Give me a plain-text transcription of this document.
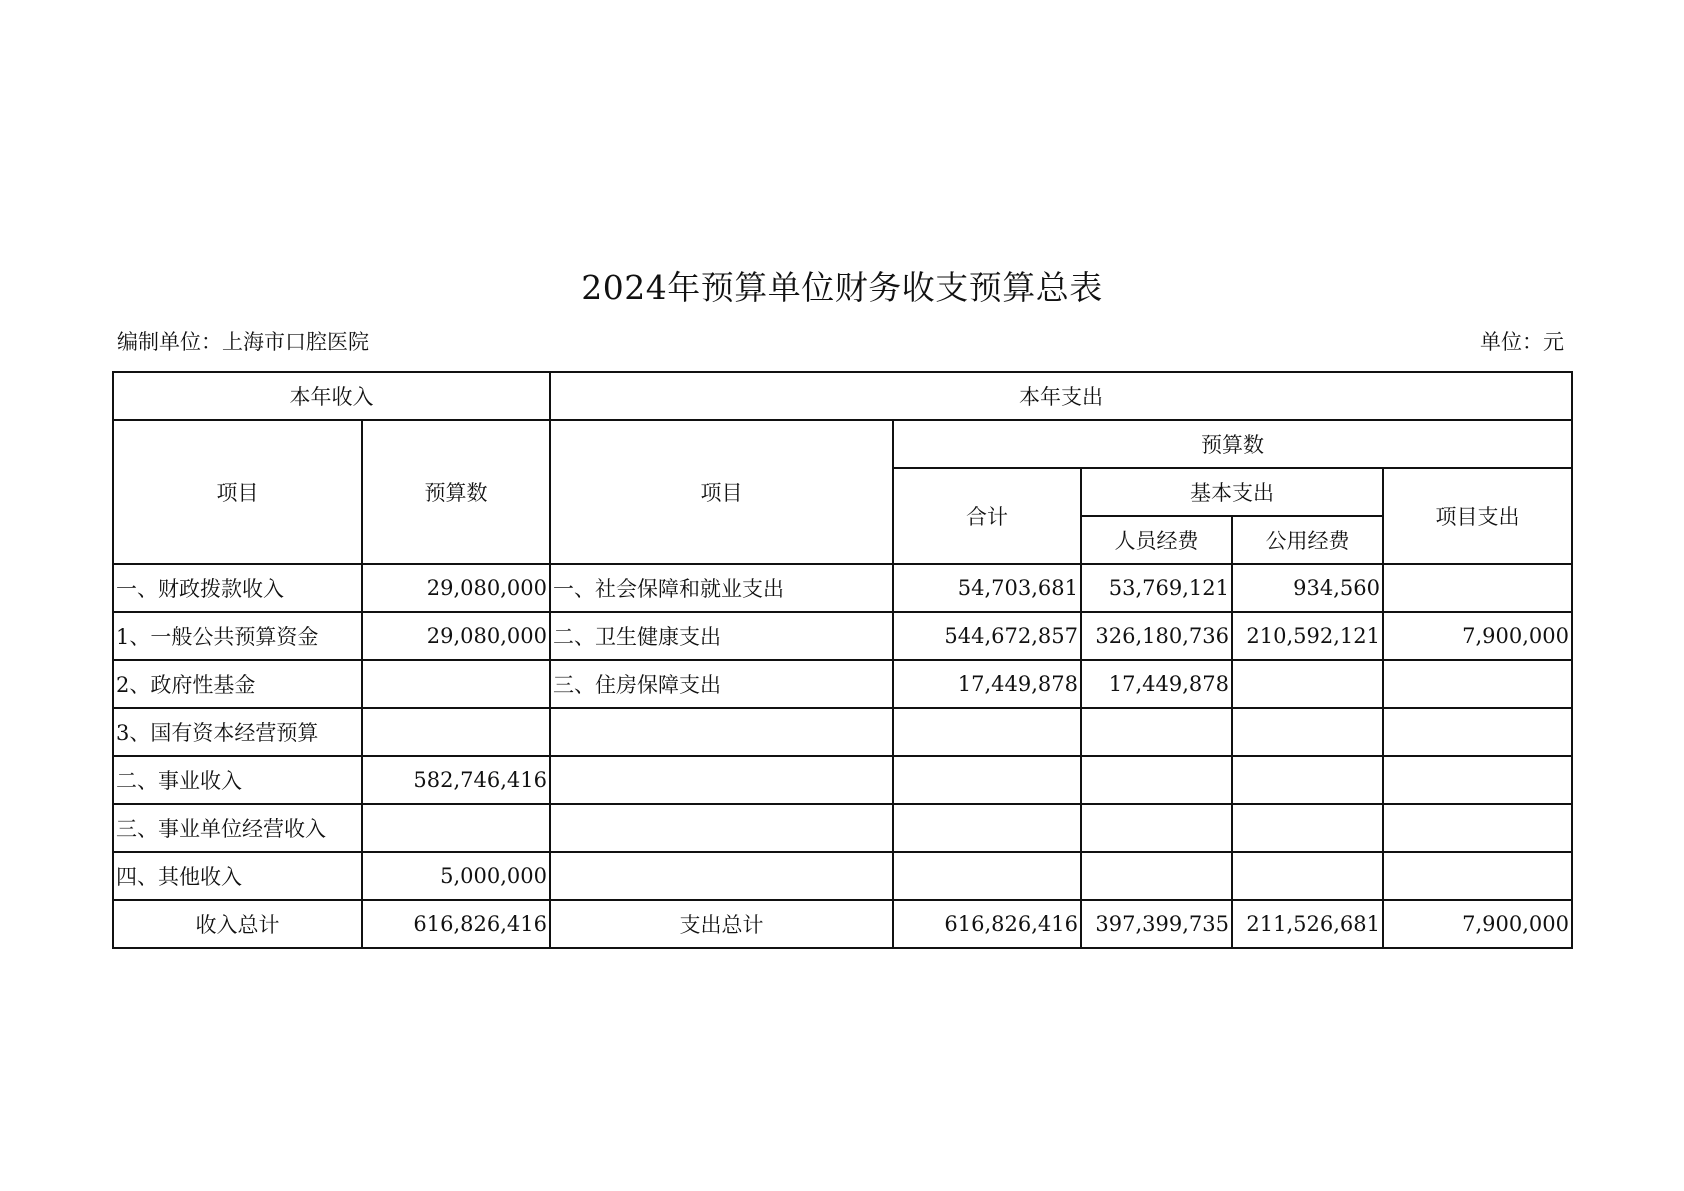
2024年预算单位财务收支预算总表
编制单位：上海市口腔医院	单位：元
本年收入		本年支出				
项目	预算数	项目	预算数			
			合计	基本支出		项目支出
				人员经费	公用经费	
一、财政拨款收入	29,080,000	一、社会保障和就业支出	54,703,681	53,769,121	934,560	
1、一般公共预算资金	29,080,000	二、卫生健康支出	544,672,857	326,180,736	210,592,121	7,900,000
2、政府性基金		三、住房保障支出	17,449,878	17,449,878		
3、国有资本经营预算						
二、事业收入	582,746,416					
三、事业单位经营收入						
四、其他收入	5,000,000					
收入总计	616,826,416	支出总计	616,826,416	397,399,735	211,526,681	7,900,000
